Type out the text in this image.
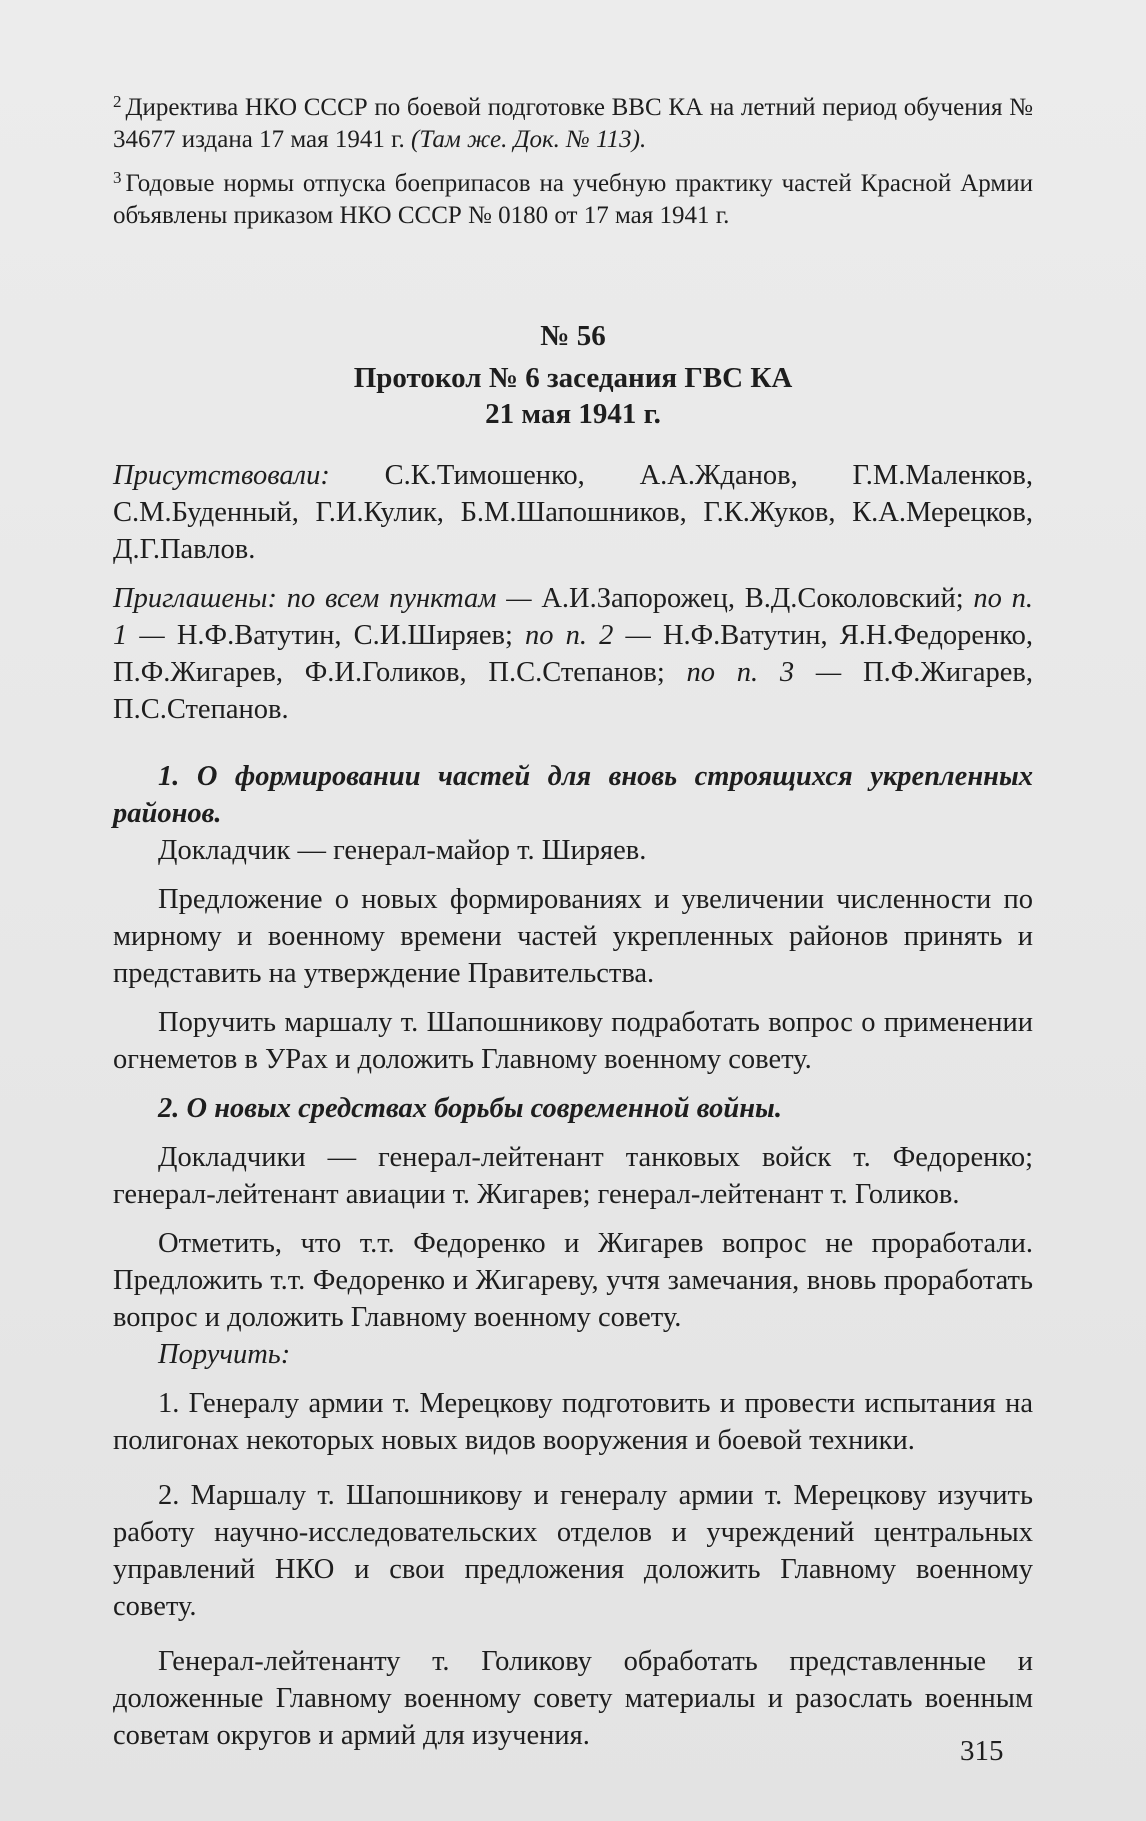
$^2$ Директива НКО СССР по боевой подготовке ВВС КА на летний период обучения № 34677 издана 17 мая 1941 г. (Там же. Док. № 113).

$^3$ Годовые нормы отпуска боеприпасов на учебную практику частей Красной Армии объявлены приказом НКО СССР № 0180 от 17 мая 1941 г.

№ 56
Протокол № 6 заседания ГВС КА
21 мая 1941 г.

Присутствовали: С.К.Тимошенко, А.А.Жданов, Г.М.Маленков, С.М.Буденный, Г.И.Кулик, Б.М.Шапошников, Г.К.Жуков, К.А.Мерецков, Д.Г.Павлов.

Приглашены: по всем пунктам — А.И.Запорожец, В.Д.Соколовский; по п. 1 — Н.Ф.Ватутин, С.И.Ширяев; по п. 2 — Н.Ф.Ватутин, Я.Н.Федоренко, П.Ф.Жигарев, Ф.И.Голиков, П.С.Степанов; по п. 3 — П.Ф.Жигарев, П.С.Степанов.

1. О формировании частей для вновь строящихся укрепленных районов.

Докладчик — генерал-майор т. Ширяев.

Предложение о новых формированиях и увеличении численности по мирному и военному времени частей укрепленных районов принять и представить на утверждение Правительства.

Поручить маршалу т. Шапошникову подработать вопрос о применении огнеметов в УРах и доложить Главному военному совету.

2. О новых средствах борьбы современной войны.

Докладчики — генерал-лейтенант танковых войск т. Федоренко; генерал-лейтенант авиации т. Жигарев; генерал-лейтенант т. Голиков.

Отметить, что т.т. Федоренко и Жигарев вопрос не проработали. Предложить т.т. Федоренко и Жигареву, учтя замечания, вновь проработать вопрос и доложить Главному военному совету.

Поручить:

1. Генералу армии т. Мерецкову подготовить и провести испытания на полигонах некоторых новых видов вооружения и боевой техники.

2. Маршалу т. Шапошникову и генералу армии т. Мерецкову изучить работу научно-исследовательских отделов и учреждений центральных управлений НКО и свои предложения доложить Главному военному совету.

Генерал-лейтенанту т. Голикову обработать представленные и доложенные Главному военному совету материалы и разослать военным советам округов и армий для изучения.	315
